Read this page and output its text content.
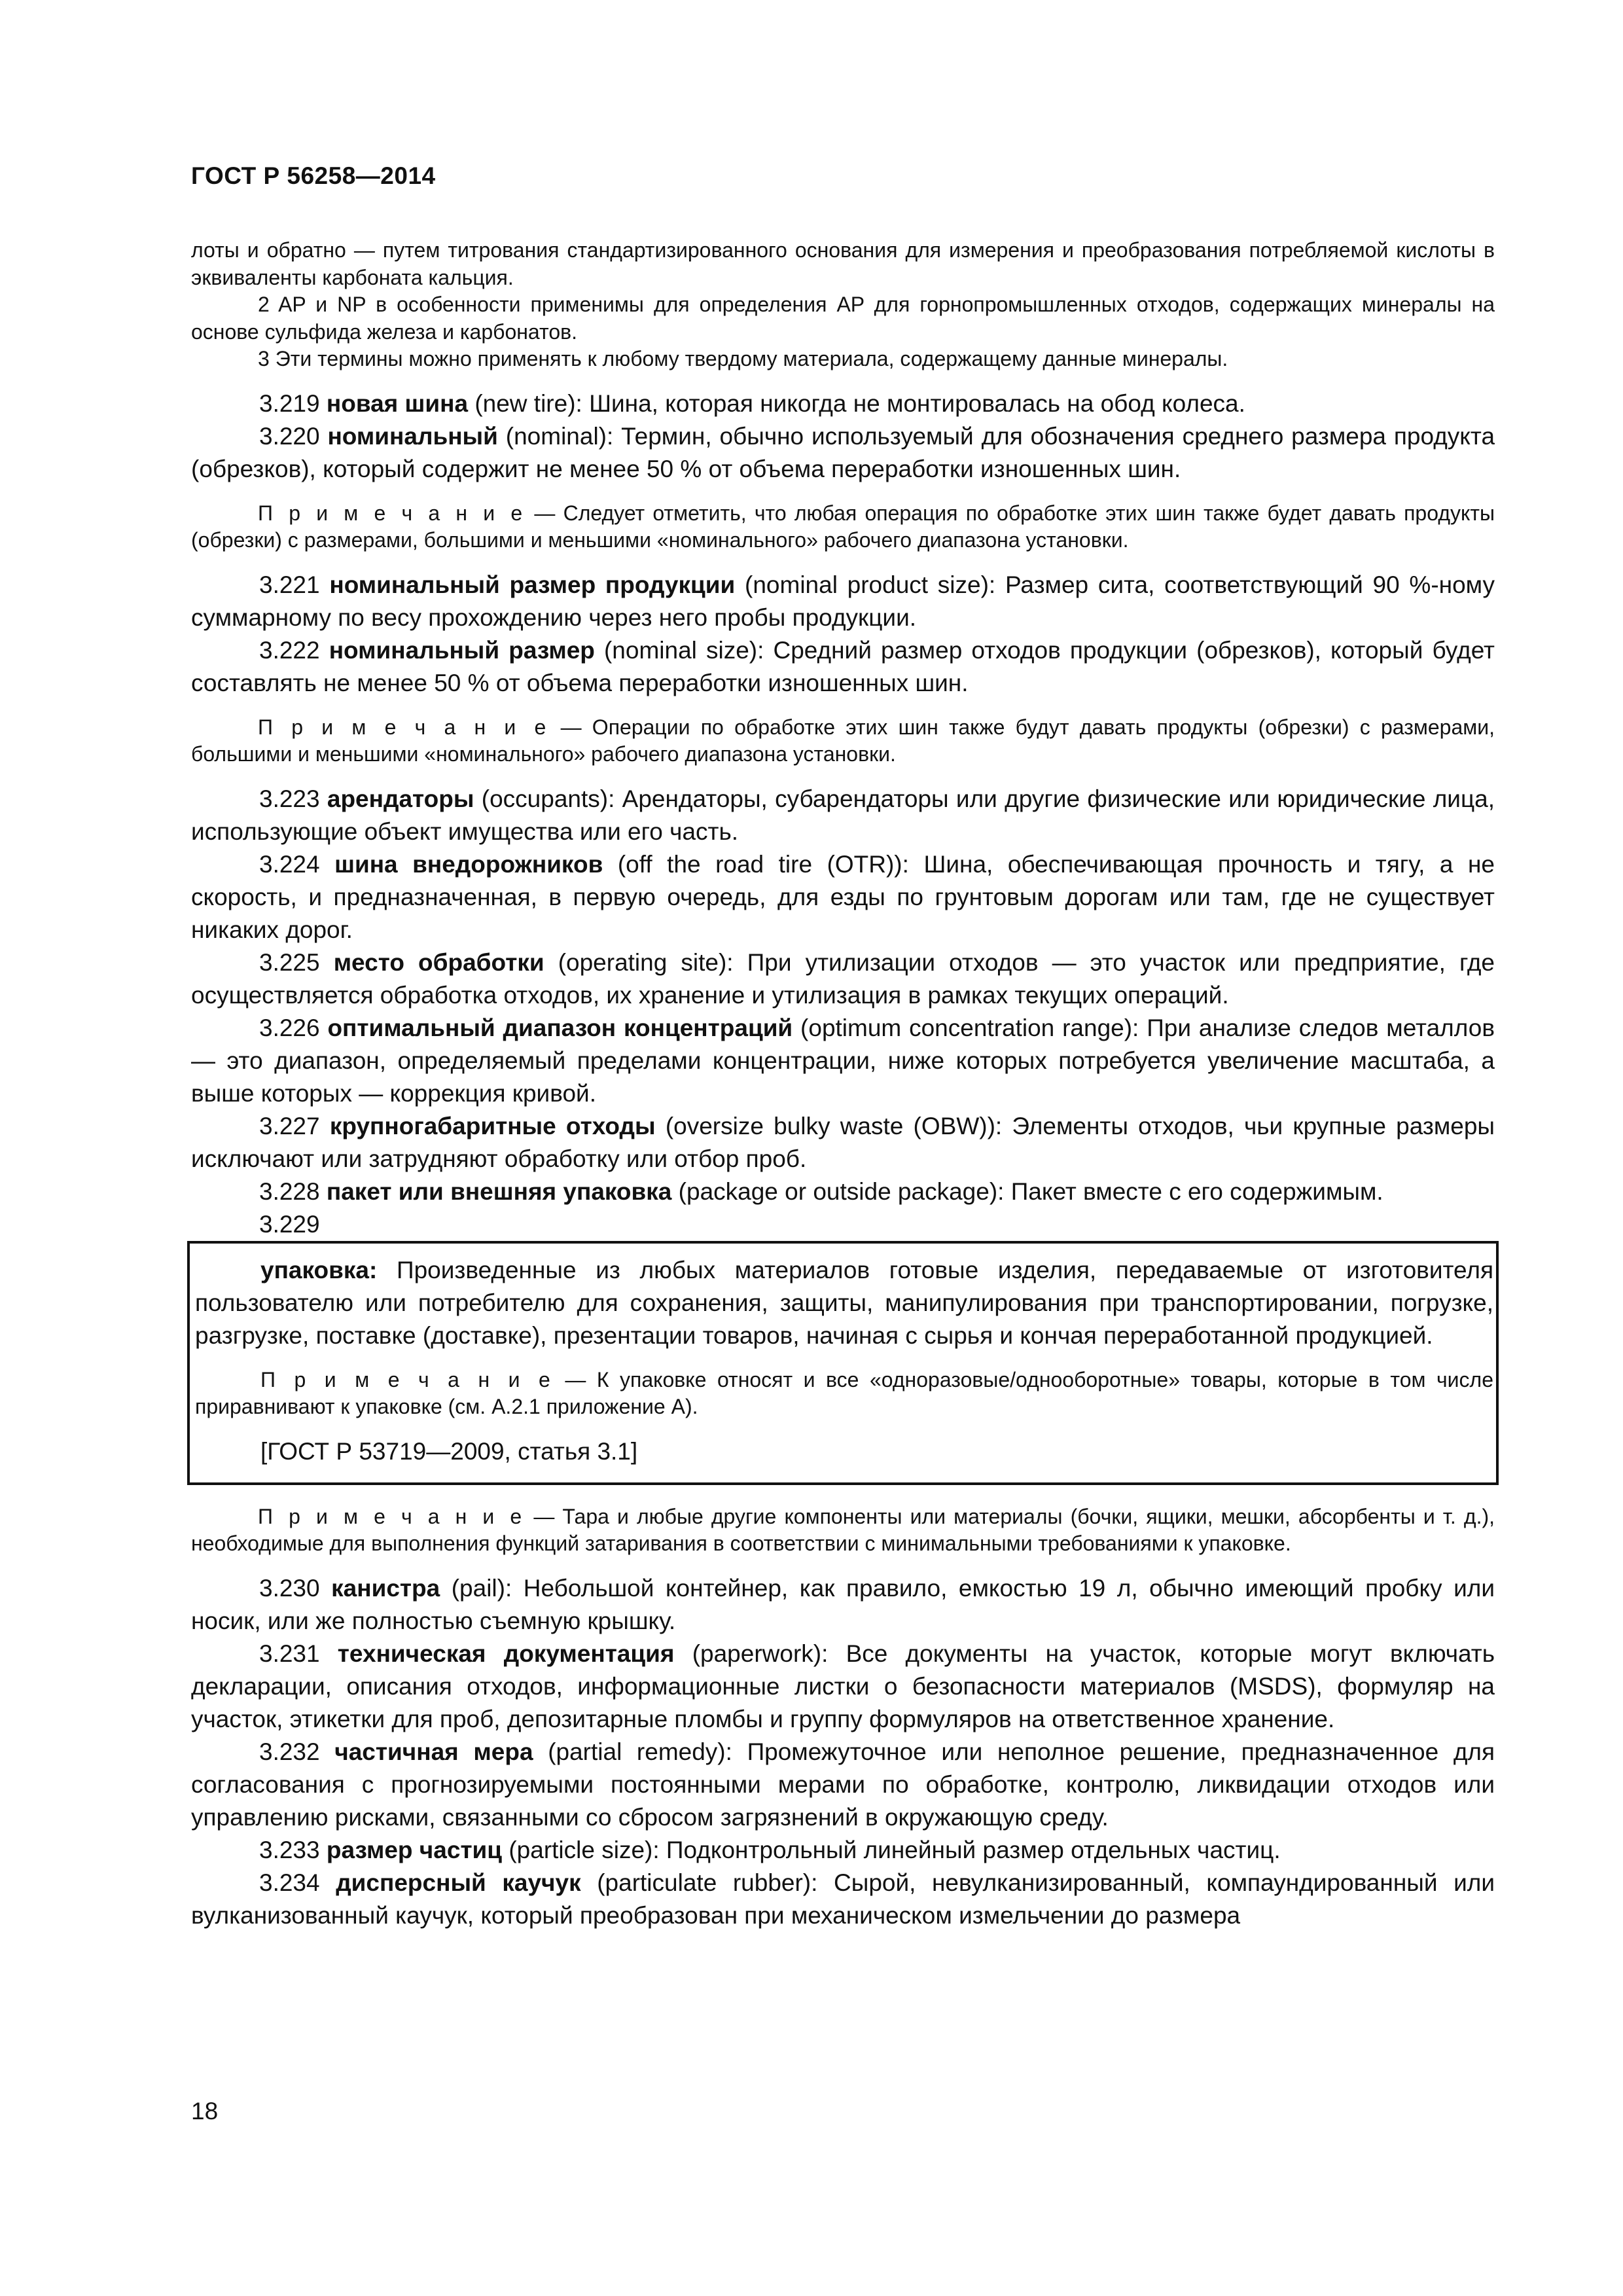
ГОСТ Р 56258—2014

лоты и обратно — путем титрования стандартизированного основания для измерения и преобразования потребляемой кислоты в эквиваленты карбоната кальция.

2 AP и NP в особенности применимы для определения AP для горнопромышленных отходов, содержащих минералы на основе сульфида железа и карбонатов.

3 Эти термины можно применять к любому твердому материала, содержащему данные минералы.

3.219 новая шина (new tire): Шина, которая никогда не монтировалась на обод колеса.

3.220 номинальный (nominal): Термин, обычно используемый для обозначения среднего размера продукта (обрезков), который содержит не менее 50 % от объема переработки изношенных шин.

П р и м е ч а н и е — Следует отметить, что любая операция по обработке этих шин также будет давать продукты (обрезки) с размерами, большими и меньшими «номинального» рабочего диапазона установки.

3.221 номинальный размер продукции (nominal product size): Размер сита, соответствующий 90 %-ному суммарному по весу прохождению через него пробы продукции.

3.222 номинальный размер (nominal size): Средний размер отходов продукции (обрезков), который будет составлять не менее 50 % от объема переработки изношенных шин.

П р и м е ч а н и е — Операции по обработке этих шин также будут давать продукты (обрезки) с размерами, большими и меньшими «номинального» рабочего диапазона установки.

3.223 арендаторы (occupants): Арендаторы, субарендаторы или другие физические или юридические лица, использующие объект имущества или его часть.

3.224 шина внедорожников (off the road tire (OTR)): Шина, обеспечивающая прочность и тягу, а не скорость, и предназначенная, в первую очередь, для езды по грунтовым дорогам или там, где не существует никаких дорог.

3.225 место обработки (operating site): При утилизации отходов — это участок или предприятие, где осуществляется обработка отходов, их хранение и утилизация в рамках текущих операций.

3.226 оптимальный диапазон концентраций (optimum concentration range): При анализе следов металлов — это диапазон, определяемый пределами концентрации, ниже которых потребуется увеличение масштаба, а выше которых — коррекция кривой.

3.227 крупногабаритные отходы (oversize bulky waste (OBW)): Элементы отходов, чьи крупные размеры исключают или затрудняют обработку или отбор проб.

3.228 пакет или внешняя упаковка (package or outside package): Пакет вместе с его содержимым.

3.229

упаковка: Произведенные из любых материалов готовые изделия, передаваемые от изготовителя пользователю или потребителю для сохранения, защиты, манипулирования при транспортировании, погрузке, разгрузке, поставке (доставке), презентации товаров, начиная с сырья и кончая переработанной продукцией.

П р и м е ч а н и е — К упаковке относят и все «одноразовые/однооборотные» товары, которые в том числе приравнивают к упаковке (см. А.2.1 приложение А).

[ГОСТ Р 53719—2009, статья 3.1]

П р и м е ч а н и е — Тара и любые другие компоненты или материалы (бочки, ящики, мешки, абсорбенты и т. д.), необходимые для выполнения функций затаривания в соответствии с минимальными требованиями к упаковке.

3.230 канистра (pail): Небольшой контейнер, как правило, емкостью 19 л, обычно имеющий пробку или носик, или же полностью съемную крышку.

3.231 техническая документация (paperwork): Все документы на участок, которые могут включать декларации, описания отходов, информационные листки о безопасности материалов (MSDS), формуляр на участок, этикетки для проб, депозитарные пломбы и группу формуляров на ответственное хранение.

3.232 частичная мера (partial remedy): Промежуточное или неполное решение, предназначенное для согласования с прогнозируемыми постоянными мерами по обработке, контролю, ликвидации отходов или управлению рисками, связанными со сбросом загрязнений в окружающую среду.

3.233 размер частиц (particle size): Подконтрольный линейный размер отдельных частиц.

3.234 дисперсный каучук (particulate rubber): Сырой, невулканизированный, компаундированный или вулканизованный каучук, который преобразован при механическом измельчении до размера

18
